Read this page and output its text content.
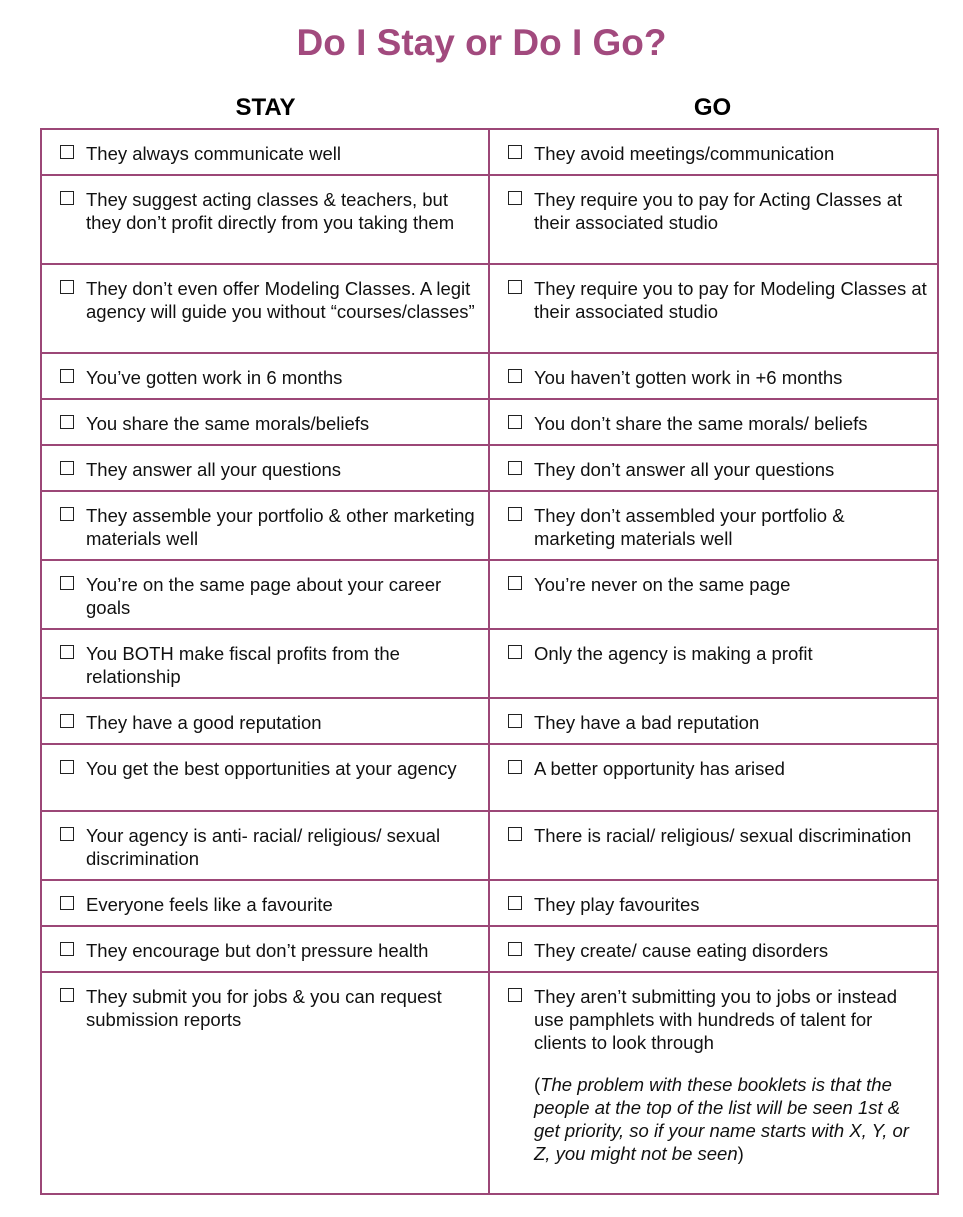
Do I Stay or Do I Go?
STAY	GO
They always communicate well	They avoid meetings/communication

They suggest acting classes & teachers, but they don’t profit directly from you taking them	They require you to pay for Acting Classes at their associated studio

They don’t even offer Modeling Classes. A legit agency will guide you without “courses/classes”	They require you to pay for Modeling Classes at their associated studio

You’ve gotten work in 6 months	You haven’t gotten work in +6 months

You share the same morals/beliefs	You don’t share the same morals/ beliefs

They answer all your questions	They don’t answer all your questions

They assemble your portfolio & other marketing materials well	They don’t assembled your portfolio & marketing materials well

You’re on the same page about your career goals	You’re never on the same page

You BOTH make fiscal profits from the relationship	Only the agency is making a profit

They have a good reputation	They have a bad reputation

You get the best opportunities at your agency	A better opportunity has arised

Your agency is anti- racial/ religious/ sexual discrimination	There is racial/ religious/ sexual discrimination

Everyone feels like a favourite	They play favourites

They encourage but don’t pressure health	They create/ cause eating disorders

They submit you for jobs & you can request submission reports	They aren’t submitting you to jobs or instead use pamphlets with hundreds of talent for clients to look through
(The problem with these booklets is that the people at the top of the list will be seen 1st & get priority, so if your name starts with X, Y, or Z, you might not be seen)
